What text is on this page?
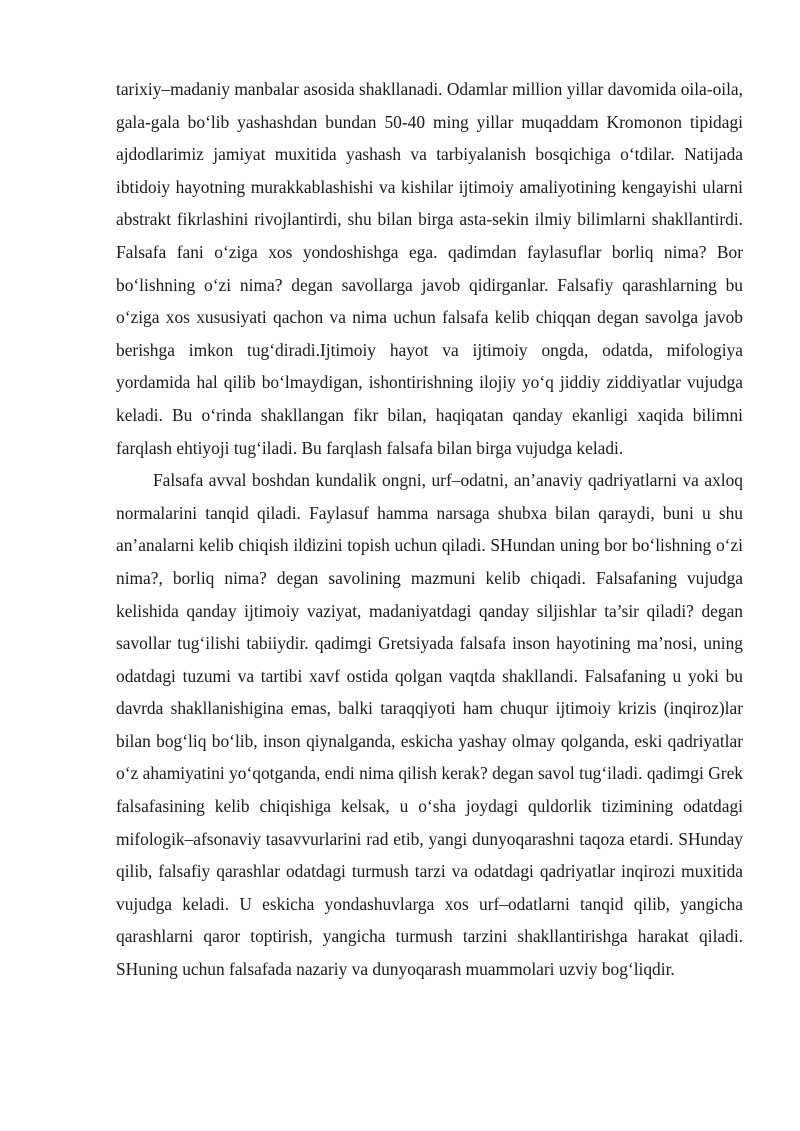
tarixiy–madaniy manbalar asosida shakllanadi. Odamlar million yillar davomida oila-oila, gala-gala bo‘lib yashashdan bundan 50-40 ming yillar muqaddam Kromonon tipidagi ajdodlarimiz jamiyat muxitida yashash va tarbiyalanish bosqichiga o‘tdilar. Natijada ibtidoiy hayotning murakkablashishi va kishilar ijtimoiy amaliyotining kengayishi ularni abstrakt fikrlashini rivojlantirdi, shu bilan birga asta-sekin ilmiy bilimlarni shakllantirdi. Falsafa fani o‘ziga xos yondoshishga ega. qadimdan faylasuflar borliq nima? Bor bo‘lishning o‘zi nima? degan savollarga javob qidirganlar. Falsafiy qarashlarning bu o‘ziga xos xususiyati qachon va nima uchun falsafa kelib chiqqan degan savolga javob berishga imkon tug‘diradi.Ijtimoiy hayot va ijtimoiy ongda, odatda, mifologiya yordamida hal qilib bo‘lmaydigan, ishontirishning ilojiy yo‘q jiddiy ziddiyatlar vujudga keladi. Bu o‘rinda shakllangan fikr bilan, haqiqatan qanday ekanligi xaqida bilimni farqlash ehtiyoji tug‘iladi. Bu farqlash falsafa bilan birga vujudga keladi.

Falsafa avval boshdan kundalik ongni, urf–odatni, an’anaviy qadriyatlarni va axloq normalarini tanqid qiladi. Faylasuf hamma narsaga shubxa bilan qaraydi, buni u shu an’analarni kelib chiqish ildizini topish uchun qiladi. SHundan uning bor bo‘lishning o‘zi nima?, borliq nima? degan savolining mazmuni kelib chiqadi. Falsafaning vujudga kelishida qanday ijtimoiy vaziyat, madaniyatdagi qanday siljishlar ta’sir qiladi? degan savollar tug‘ilishi tabiiydir. qadimgi Gretsiyada falsafa inson hayotining ma’nosi, uning odatdagi tuzumi va tartibi xavf ostida qolgan vaqtda shakllandi. Falsafaning u yoki bu davrda shakllanishigina emas, balki taraqqiyoti ham chuqur ijtimoiy krizis (inqiroz)lar bilan bog‘liq bo‘lib, inson qiynalganda, eskicha yashay olmay qolganda, eski qadriyatlar o‘z ahamiyatini yo‘qotganda, endi nima qilish kerak? degan savol tug‘iladi. qadimgi Grek falsafasining kelib chiqishiga kelsak, u o‘sha joydagi quldorlik tizimining odatdagi mifologik–afsonaviy tasavvurlarini rad etib, yangi dunyoqarashni taqoza etardi. SHunday qilib, falsafiy qarashlar odatdagi turmush tarzi va odatdagi qadriyatlar inqirozi muxitida vujudga keladi. U eskicha yondashuvlarga xos urf–odatlarni tanqid qilib, yangicha qarashlarni qaror toptirish, yangicha turmush tarzini shakllantirishga harakat qiladi. SHuning uchun falsafada nazariy va dunyoqarash muammolari uzviy bog‘liqdir.
